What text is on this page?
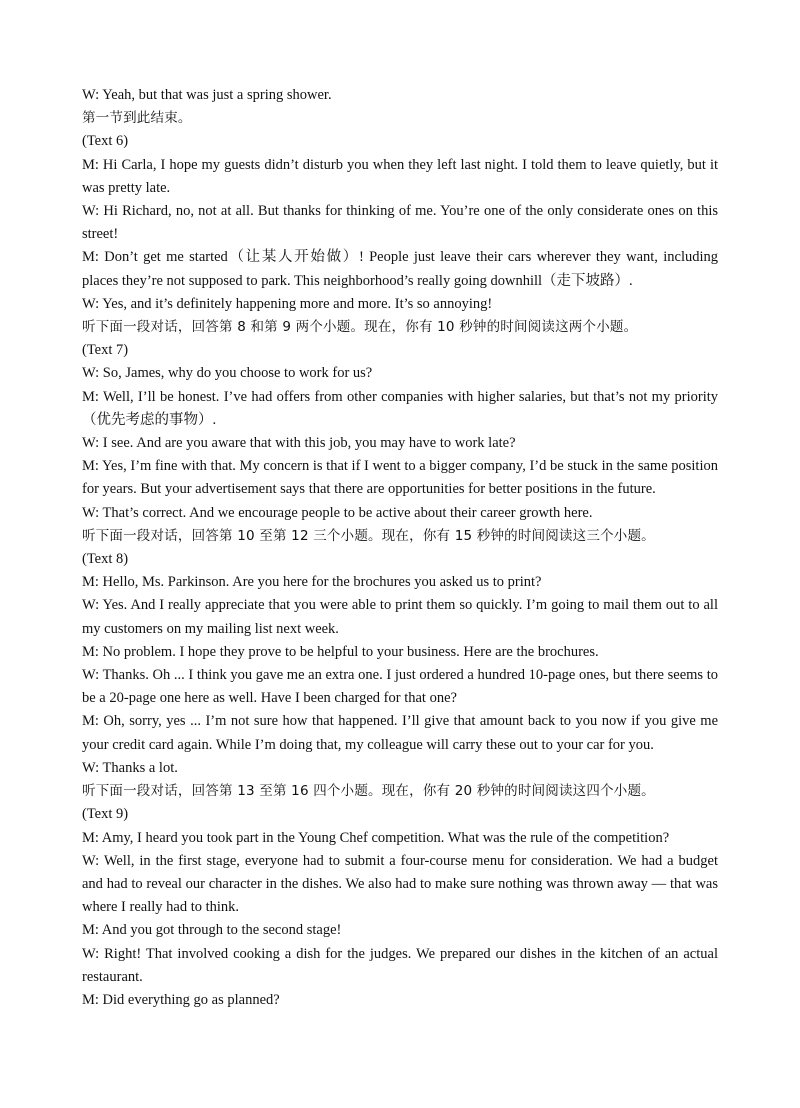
W: Yeah, but that was just a spring shower.

第一节到此结束。

(Text 6)

M: Hi Carla, I hope my guests didn’t disturb you when they left last night. I told them to leave quietly, but it was pretty late.

W: Hi Richard, no, not at all. But thanks for thinking of me. You’re one of the only considerate ones on this street!

M: Don’t get me started（让某人开始做）! People just leave their cars wherever they want, including places they’re not supposed to park. This neighborhood’s really going downhill（走下坡路）.

W: Yes, and it’s definitely happening more and more. It’s so annoying!

听下面一段对话，回答第 8 和第 9 两个小题。现在，你有 10 秒钟的时间阅读这两个小题。

(Text 7)

W: So, James, why do you choose to work for us?

M: Well, I’ll be honest. I’ve had offers from other companies with higher salaries, but that’s not my priority（优先考虑的事物）.

W: I see. And are you aware that with this job, you may have to work late?

M: Yes, I’m fine with that. My concern is that if I went to a bigger company, I’d be stuck in the same position for years. But your advertisement says that there are opportunities for better positions in the future.

W: That’s correct. And we encourage people to be active about their career growth here.

听下面一段对话，回答第 10 至第 12 三个小题。现在，你有 15 秒钟的时间阅读这三个小题。

(Text 8)

M: Hello, Ms. Parkinson. Are you here for the brochures you asked us to print?

W: Yes. And I really appreciate that you were able to print them so quickly. I’m going to mail them out to all my customers on my mailing list next week.

M: No problem. I hope they prove to be helpful to your business. Here are the brochures.

W: Thanks. Oh ... I think you gave me an extra one. I just ordered a hundred 10-page ones, but there seems to be a 20-page one here as well. Have I been charged for that one?

M: Oh, sorry, yes ... I’m not sure how that happened. I’ll give that amount back to you now if you give me your credit card again. While I’m doing that, my colleague will carry these out to your car for you.

W: Thanks a lot.

听下面一段对话，回答第 13 至第 16 四个小题。现在，你有 20 秒钟的时间阅读这四个小题。

(Text 9)

M: Amy, I heard you took part in the Young Chef competition. What was the rule of the competition?

W: Well, in the first stage, everyone had to submit a four-course menu for consideration. We had a budget and had to reveal our character in the dishes. We also had to make sure nothing was thrown away — that was where I really had to think.

M: And you got through to the second stage!

W: Right! That involved cooking a dish for the judges. We prepared our dishes in the kitchen of an actual restaurant.

M: Did everything go as planned?
